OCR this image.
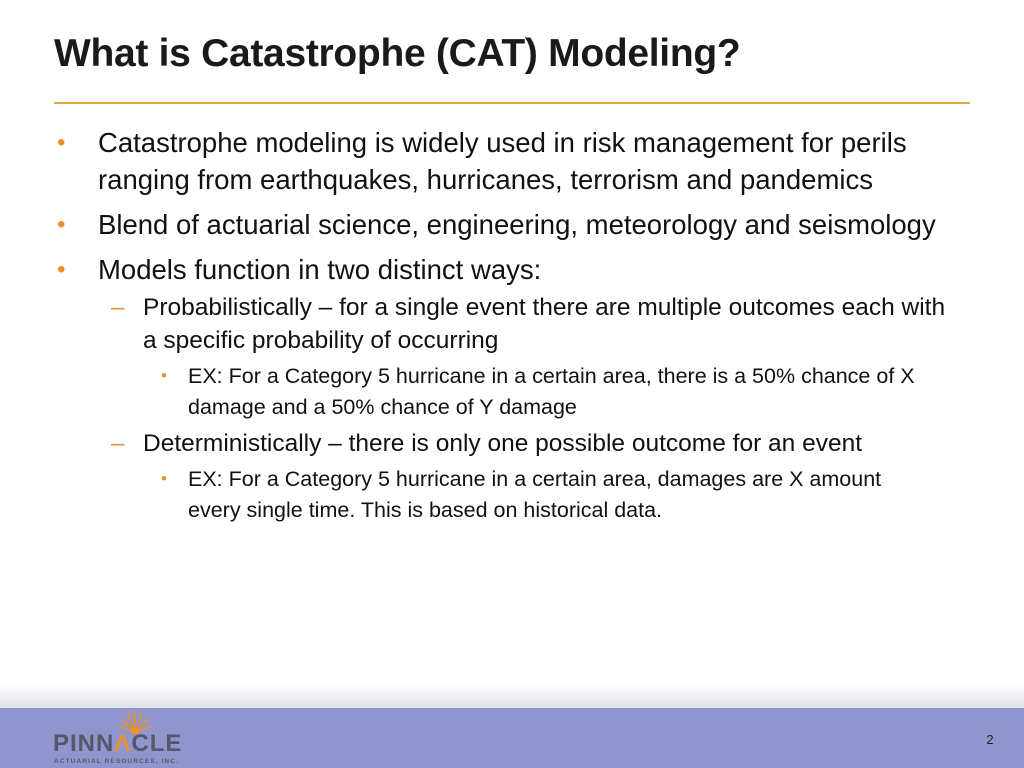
What is Catastrophe (CAT) Modeling?
• Catastrophe modeling is widely used in risk management for perils ranging from earthquakes, hurricanes, terrorism and pandemics
• Blend of actuarial science, engineering, meteorology and seismology
• Models function in two distinct ways:
– Probabilistically – for a single event there are multiple outcomes each with a specific probability of occurring
• EX: For a Category 5 hurricane in a certain area, there is a 50% chance of X damage and a 50% chance of Y damage
– Deterministically – there is only one possible outcome for an event
• EX: For a Category 5 hurricane in a certain area, damages are X amount every single time. This is based on historical data.
PINNΛCLE
ACTUARIAL RESOURCES, INC.
2
